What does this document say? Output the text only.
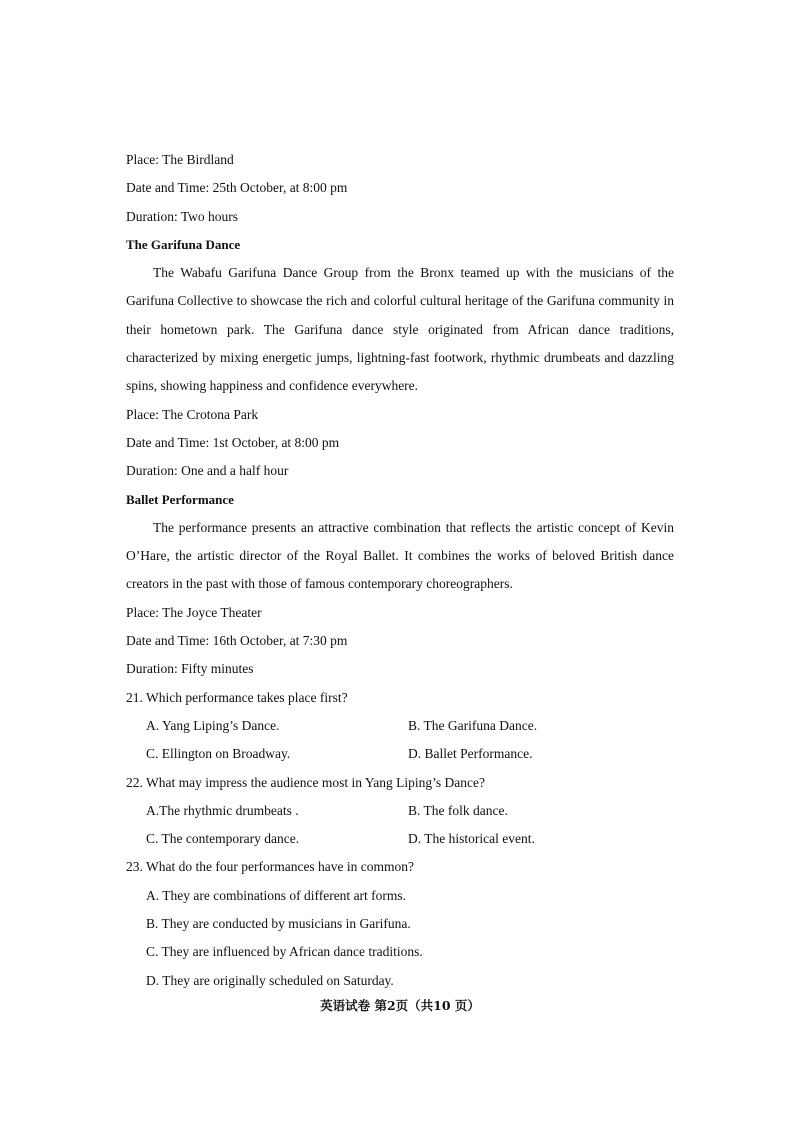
Place: The Birdland
Date and Time: 25th October, at 8:00 pm
Duration: Two hours
The Garifuna Dance

The Wabafu Garifuna Dance Group from the Bronx teamed up with the musicians of the Garifuna Collective to showcase the rich and colorful cultural heritage of the Garifuna community in their hometown park. The Garifuna dance style originated from African dance traditions, characterized by mixing energetic jumps, lightning-fast footwork, rhythmic drumbeats and dazzling spins, showing happiness and confidence everywhere.

Place: The Crotona Park
Date and Time: 1st October, at 8:00 pm
Duration: One and a half hour
Ballet Performance

The performance presents an attractive combination that reflects the artistic concept of Kevin O’Hare, the artistic director of the Royal Ballet. It combines the works of beloved British dance creators in the past with those of famous contemporary choreographers.

Place: The Joyce Theater
Date and Time: 16th October, at 7:30 pm
Duration: Fifty minutes
21. Which performance takes place first?
A. Yang Liping’s Dance.	B. The Garifuna Dance.
C. Ellington on Broadway.	D. Ballet Performance.
22. What may impress the audience most in Yang Liping’s Dance?
A.The rhythmic drumbeats .	B. The folk dance.
C. The contemporary dance.	D. The historical event.
23. What do the four performances have in common?
A. They are combinations of different art forms.
B. They are conducted by musicians in Garifuna.
C. They are influenced by African dance traditions.
D. They are originally scheduled on Saturday.
英语试卷 第2页（共10 页）
